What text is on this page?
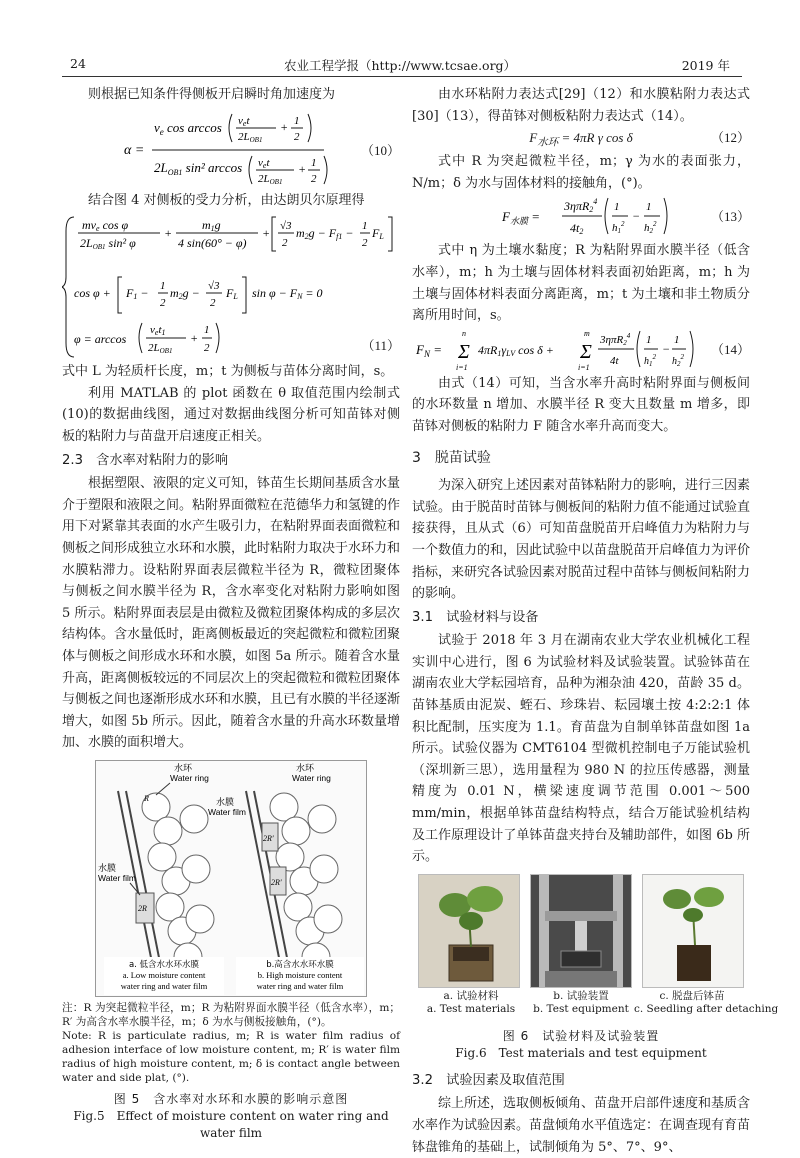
24	农业工程学报（http://www.tcsae.org）	2019 年

则根据已知条件得侧板开启瞬时角加速度为

α =
$v_e$ cos arccos vet
2LOB1
+ 1
2
$2L_{OB1}$ sin² arccos vet
2LOB1
+ 1
2
（10）

结合图 4 对侧板的受力分析，由达朗贝尔原理得

mve cos φ
2LOB1 sin² φ
+
m1g
4 sin(60° − φ)
+ √3
2
m2g − Ff1 − 1
2
FL
cos φ + F1 − 1
2
m2g − √3
2
FL sin φ − FN = 0
φ = arccos
vet1
2LOB1
+
1
2	（11）

式中 L 为轻质杆长度，m；t 为侧板与苗体分离时间，s。

利用 MATLAB 的 plot 函数在 θ 取值范围内绘制式(10)的数据曲线图，通过对数据曲线图分析可知苗钵对侧板的粘附力与苗盘开启速度正相关。

2.3　含水率对粘附力的影响

根据塑限、液限的定义可知，钵苗生长期间基质含水量介于塑限和液限之间。粘附界面微粒在范德华力和氢键的作用下对紧靠其表面的水产生吸引力，在粘附界面表面微粒和侧板之间形成独立水环和水膜，此时粘附力取决于水环力和水膜粘滞力。设粘附界面表层微粒半径为 R，微粒团聚体与侧板之间水膜半径为 R，含水率变化对粘附力影响如图 5 所示。粘附界面表层是由微粒及微粒团聚体构成的多层次结构体。含水量低时，距离侧板最近的突起微粒和微粒团聚体与侧板之间形成水环和水膜，如图 5a 所示。随着含水量升高，距离侧板较远的不同层次上的突起微粒和微粒团聚体与侧板之间也逐渐形成水环和水膜，且已有水膜的半径逐渐增大，如图 5b 所示。因此，随着含水量的升高水环数量增加、水膜的面积增大。

2R
2R′
2R′
R
水环
Water ring
水环
Water ring
水膜
Water film
水膜
Water film
a. 低含水水环水膜
a. Low moisture content
water ring and water film
b.高含水水环水膜
b. High moisture content
water ring and water film

注：R 为突起微粒半径，m；R 为粘附界面水膜半径（低含水率），m；R′ 为高含水率水膜半径，m；δ 为水与侧板接触角，(°)。

Note: R is particulate radius, m; R is water film radius of adhesion interface of low moisture content, m; R′ is water film radius of high moisture content, m; δ is contact angle between water and side plat, (°).

图 5　含水率对水环和水膜的影响示意图
Fig.5　Effect of moisture content on water ring and water film

由水环粘附力表达式[29]（12）和水膜粘附力表达式[30]（13），得苗钵对侧板粘附力表达式（14）。

$F_{水环} = 4\pi R$ γ cos δ	（12）

式中 R 为突起微粒半径，m；γ 为水的表面张力，N/m；δ 为水与固体材料的接触角，(°)。

$F_{水膜}$ =
$3\eta\pi R2^4$
4t2
1
$h1^2$
−
1
$h2^2$	（13）

式中 η 为土壤水黏度；R 为粘附界面水膜半径（低含水率），m；h 为土壤与固体材料表面初始距离，m；h 为土壤与固体材料表面分离距离，m；t 为土壤和非土物质分离所用时间，s。

$F_N = \Sigma$
n
i=1
4πR1γLV cos δ + Σ
m
i=1
$3\eta\pi R2^4$
4t
1
$h_1^2$
−
1
$h_2^2$ （14）

由式（14）可知，当含水率升高时粘附界面与侧板间的水环数量 n 增加、水膜半径 R 变大且数量 m 增多，即苗钵对侧板的粘附力 F 随含水率升高而变大。

3　脱苗试验

为深入研究上述因素对苗钵粘附力的影响，进行三因素试验。由于脱苗时苗钵与侧板间的粘附力值不能通过试验直接获得，且从式（6）可知苗盘脱苗开启峰值力为粘附力与一个数值力的和，因此试验中以苗盘脱苗开启峰值力为评价指标，来研究各试验因素对脱苗过程中苗钵与侧板间粘附力的影响。

3.1　试验材料与设备

试验于 2018 年 3 月在湖南农业大学农业机械化工程实训中心进行，图 6 为试验材料及试验装置。试验钵苗在湖南农业大学耘园培育，品种为湘杂油 420，苗龄 35 d。苗钵基质由泥炭、蛭石、珍珠岩、耘园壤土按 4:2:2:1 体积比配制，压实度为 1.1。育苗盘为自制单钵苗盘如图 1a 所示。试验仪器为 CMT6104 型微机控制电子万能试验机（深圳新三思），选用量程为 980 N 的拉压传感器，测量精度为 0.01 N，横梁速度调节范围 0.001～500 mm/min，根据单钵苗盘结构特点，结合万能试验机结构及工作原理设计了单钵苗盘夹持台及辅助部件，如图 6b 所示。

a. 试验材料
a. Test materials
b. 试验装置
b. Test equipment
c. 脱盘后钵苗
c. Seedling after detaching
图 6　试验材料及试验装置
Fig.6　Test materials and test equipment
3.2　试验因素及取值范围

综上所述，选取侧板倾角、苗盘开启部件速度和基质含水率作为试验因素。苗盘倾角水平值选定：在调查现有育苗钵盘锥角的基础上，试制倾角为 5°、7°、9°、
